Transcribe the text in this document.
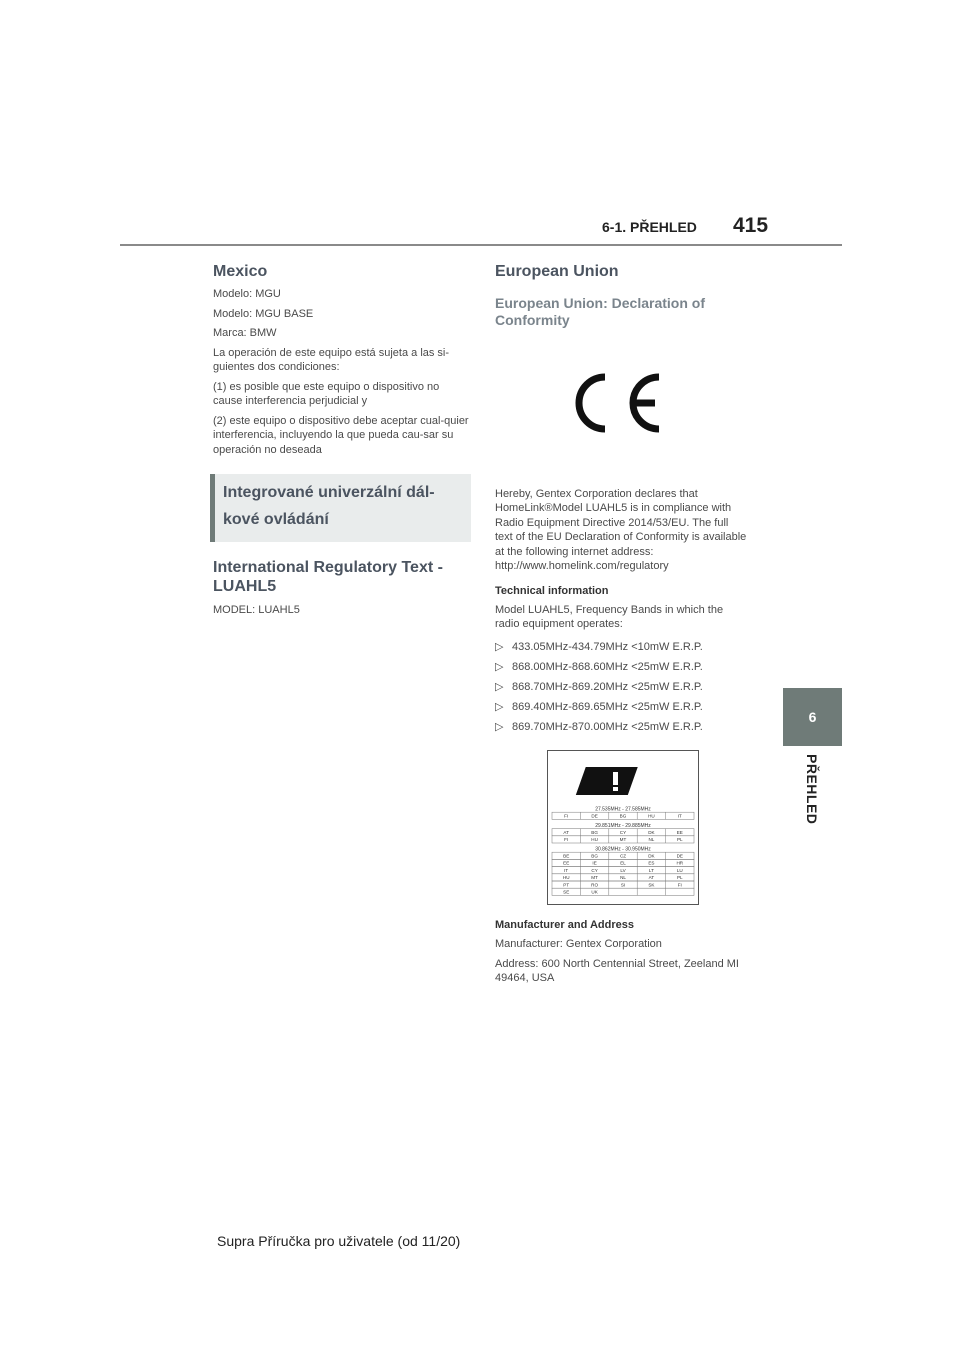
6-1. PŘEHLED 415
6
PŘEHLED
Mexico
Modelo: MGU
Modelo: MGU BASE
Marca: BMW
La operación de este equipo está sujeta a las si-guientes dos condiciones:
(1) es posible que este equipo o dispositivo no cause interferencia perjudicial y
(2) este equipo o dispositivo debe aceptar cual-quier interferencia, incluyendo la que pueda cau-sar su operación no deseada
Integrované univerzální dál-
kové ovládání
International Regulatory Text - LUAHL5
MODEL: LUAHL5
European Union
European Union: Declaration of Conformity
Hereby, Gentex Corporation declares that HomeLink®Model LUAHL5 is in compliance with Radio Equipment Directive 2014/53/EU. The full text of the EU Declaration of Conformity is available at the following internet address: http://www.homelink.com/regulatory
Technical information
Model LUAHL5, Frequency Bands in which the radio equipment operates:
▷ 433.05MHz-434.79MHz <10mW E.R.P.
▷ 868.00MHz-868.60MHz <25mW E.R.P.
▷ 868.70MHz-869.20MHz <25mW E.R.P.
▷ 869.40MHz-869.65MHz <25mW E.R.P.
▷ 869.70MHz-870.00MHz <25mW E.R.P.
27.535MHz - 27.585MHz
FI	DE	BG	HU	IT
29.851MHz - 29.885MHz
AT	BG	CY	DK	EE
FI	HU	MT	NL	PL
30.862MHz - 30.950MHz
BE	BG	CZ	DK	DE
EE	IE	EL	ES	HR
IT	CY	LV	LT	LU
HU	MT	NL	AT	PL
PT	RO	SI	SK	FI
SE	UK
Manufacturer and Address
Manufacturer: Gentex Corporation
Address: 600 North Centennial Street, Zeeland MI 49464, USA
Supra Příručka pro uživatele (od 11/20)
